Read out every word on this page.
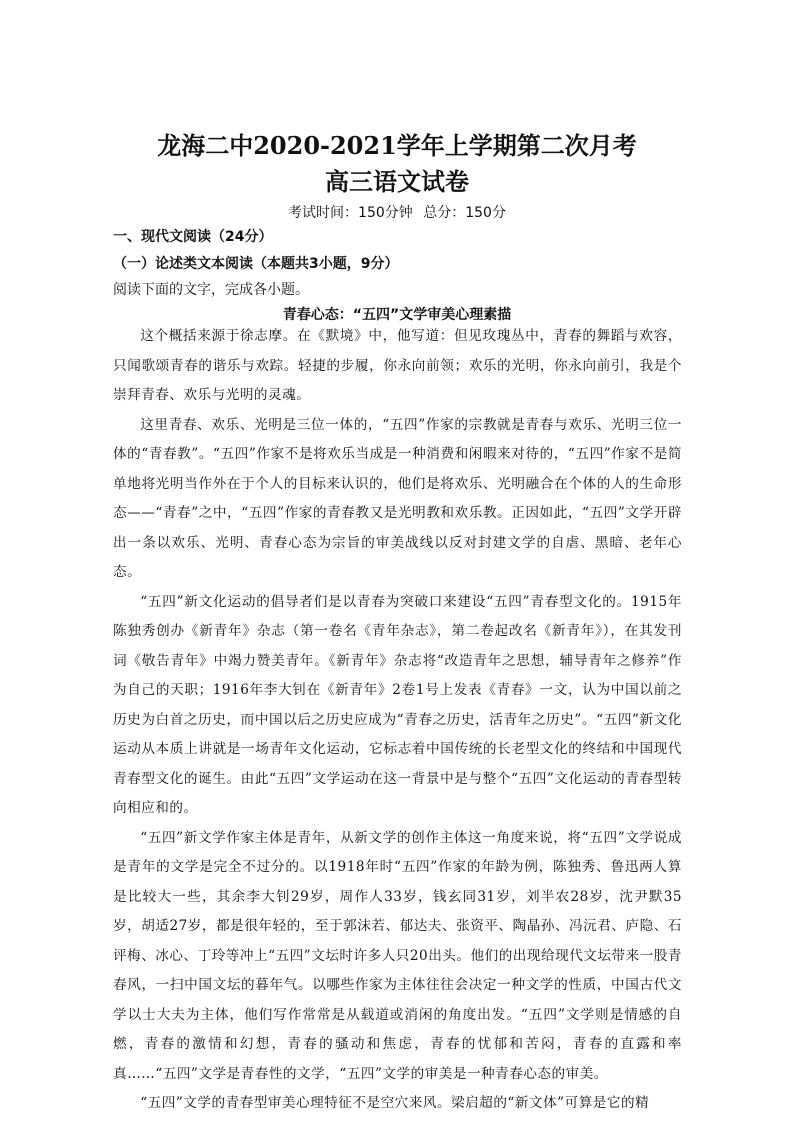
龙海二中2020-2021学年上学期第二次月考
高三语文试卷
考试时间：150分钟 总分：150分
一、现代文阅读（24分）
（一）论述类文本阅读（本题共3小题，9分）
阅读下面的文字，完成各小题。
青春心态：“五四”文学审美心理素描

这个概括来源于徐志摩。在《默境》中，他写道：但见玫瑰丛中，青春的舞蹈与欢容，只闻歌颂青春的谐乐与欢踪。轻捷的步履，你永向前领；欢乐的光明，你永向前引，我是个崇拜青春、欢乐与光明的灵魂。

这里青春、欢乐、光明是三位一体的，“五四”作家的宗教就是青春与欢乐、光明三位一体的“青春教”。“五四”作家不是将欢乐当成是一种消费和闲暇来对待的，“五四”作家不是简单地将光明当作外在于个人的目标来认识的，他们是将欢乐、光明融合在个体的人的生命形态——“青春”之中，“五四”作家的青春教又是光明教和欢乐教。正因如此，“五四”文学开辟出一条以欢乐、光明、青春心态为宗旨的审美战线以反对封建文学的自虐、黑暗、老年心态。

“五四”新文化运动的倡导者们是以青春为突破口来建设“五四”青春型文化的。1915年陈独秀创办《新青年》杂志（第一卷名《青年杂志》，第二卷起改名《新青年》），在其发刊词《敬告青年》中竭力赞美青年。《新青年》杂志将“改造青年之思想，辅导青年之修养”作为自己的天职；1916年李大钊在《新青年》2卷1号上发表《青春》一文，认为中国以前之历史为白首之历史，而中国以后之历史应成为“青春之历史，活青年之历史”。“五四”新文化运动从本质上讲就是一场青年文化运动，它标志着中国传统的长老型文化的终结和中国现代青春型文化的诞生。由此“五四”文学运动在这一背景中是与整个“五四”文化运动的青春型转向相应和的。

“五四”新文学作家主体是青年，从新文学的创作主体这一角度来说，将“五四”文学说成是青年的文学是完全不过分的。以1918年时“五四”作家的年龄为例，陈独秀、鲁迅两人算是比较大一些，其余李大钊29岁，周作人33岁，钱玄同31岁，刘半农28岁，沈尹默35岁，胡适27岁，都是很年轻的，至于郭沫若、郁达夫、张资平、陶晶孙、冯沅君、庐隐、石评梅、冰心、丁玲等冲上“五四”文坛时许多人只20出头。他们的出现给现代文坛带来一股青春风，一扫中国文坛的暮年气。以哪些作家为主体往往会决定一种文学的性质，中国古代文学以士大夫为主体，他们写作常常是从载道或消闲的角度出发。“五四”文学则是情感的自燃，青春的激情和幻想，青春的骚动和焦虑，青春的忧郁和苦闷，青春的直露和率真……“五四”文学是青春性的文学，“五四”文学的审美是一种青春心态的审美。

“五四”文学的青春型审美心理特征不是空穴来风。梁启超的“新文体”可算是它的精
